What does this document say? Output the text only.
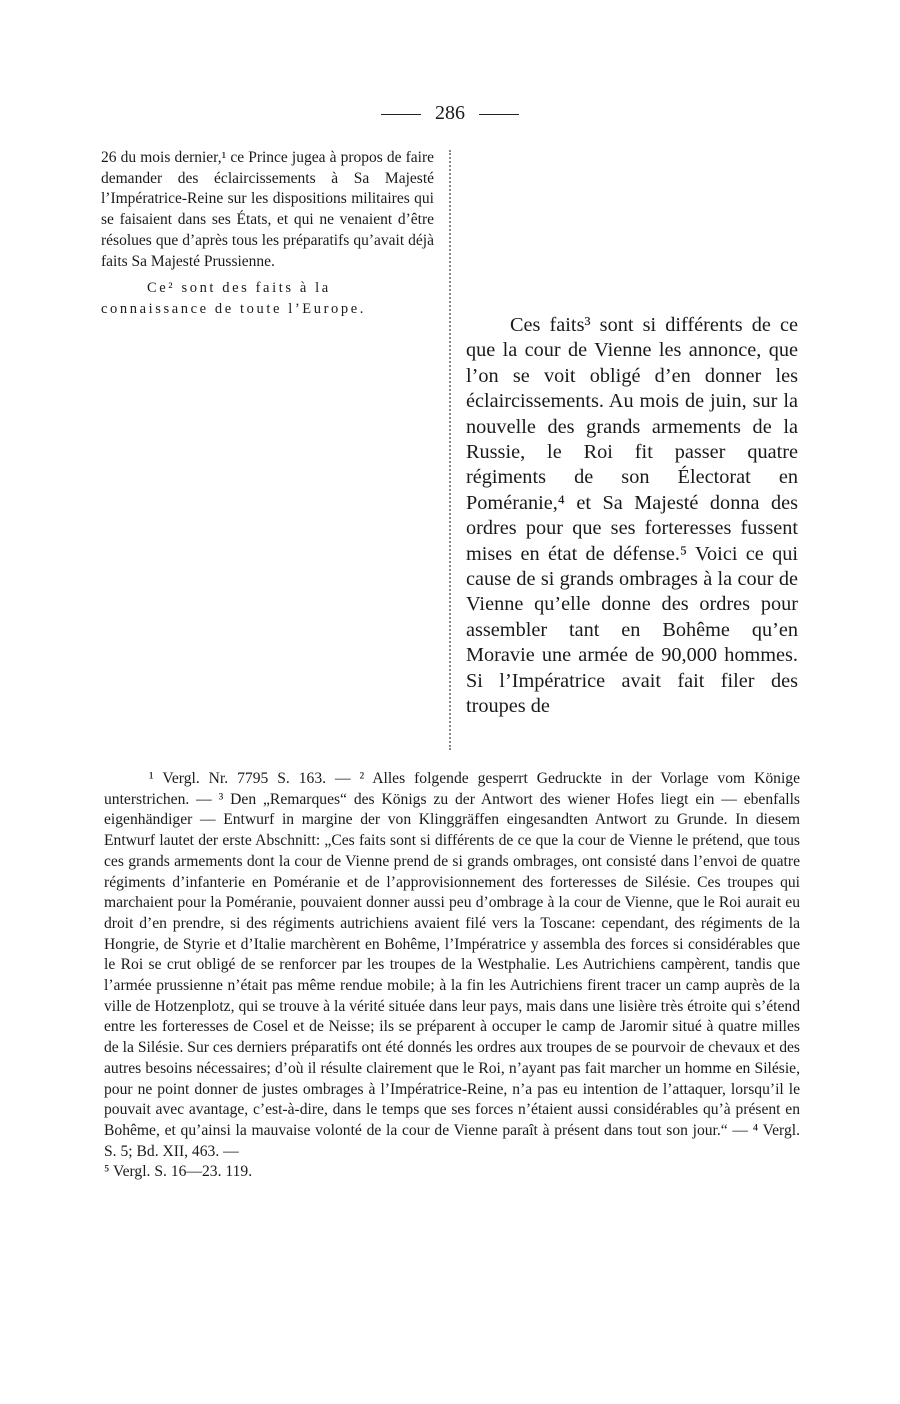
286

26 du mois dernier,¹ ce Prince jugea à propos de faire demander des éclaircissements à Sa Majesté l’Impératrice-Reine sur les dispositions militaires qui se faisaient dans ses États, et qui ne venaient d’être résolues que d’après tous les préparatifs qu’avait déjà faits Sa Majesté Prussienne.

Ce² sont des faits à la connaissance de toute l’Europe.

Ces faits³ sont si différents de ce que la cour de Vienne les annonce, que l’on se voit obligé d’en donner les éclaircissements. Au mois de juin, sur la nouvelle des grands armements de la Russie, le Roi fit passer quatre régiments de son Électorat en Poméranie,⁴ et Sa Majesté donna des ordres pour que ses forteresses fussent mises en état de défense.⁵ Voici ce qui cause de si grands ombrages à la cour de Vienne qu’elle donne des ordres pour assembler tant en Bohême qu’en Moravie une armée de 90,000 hommes. Si l’Impératrice avait fait filer des troupes de

¹ Vergl. Nr. 7795 S. 163. — ² Alles folgende gesperrt Gedruckte in der Vorlage vom Könige unterstrichen. — ³ Den „Remarques“ des Königs zu der Antwort des wiener Hofes liegt ein — ebenfalls eigenhändiger — Entwurf in margine der von Klinggräffen eingesandten Antwort zu Grunde. In diesem Entwurf lautet der erste Abschnitt: „Ces faits sont si différents de ce que la cour de Vienne le prétend, que tous ces grands armements dont la cour de Vienne prend de si grands ombrages, ont consisté dans l’envoi de quatre régiments d’infanterie en Poméranie et de l’approvisionnement des forteresses de Silésie. Ces troupes qui marchaient pour la Poméranie, pouvaient donner aussi peu d’ombrage à la cour de Vienne, que le Roi aurait eu droit d’en prendre, si des régiments autrichiens avaient filé vers la Toscane: cependant, des régiments de la Hongrie, de Styrie et d’Italie marchèrent en Bohême, l’Impératrice y assembla des forces si considérables que le Roi se crut obligé de se renforcer par les troupes de la Westphalie. Les Autrichiens campèrent, tandis que l’armée prussienne n’était pas même rendue mobile; à la fin les Autrichiens firent tracer un camp auprès de la ville de Hotzenplotz, qui se trouve à la vérité située dans leur pays, mais dans une lisière très étroite qui s’étend entre les forteresses de Cosel et de Neisse; ils se préparent à occuper le camp de Jaromir situé à quatre milles de la Silésie. Sur ces derniers préparatifs ont été donnés les ordres aux troupes de se pourvoir de chevaux et des autres besoins nécessaires; d’où il résulte clairement que le Roi, n’ayant pas fait marcher un homme en Silésie, pour ne point donner de justes ombrages à l’Impératrice-Reine, n’a pas eu intention de l’attaquer, lorsqu’il le pouvait avec avantage, c’est-à-dire, dans le temps que ses forces n’étaient aussi considérables qu’à présent en Bohême, et qu’ainsi la mauvaise volonté de la cour de Vienne paraît à présent dans tout son jour.“ — ⁴ Vergl. S. 5; Bd. XII, 463. —

⁵ Vergl. S. 16—23. 119.
